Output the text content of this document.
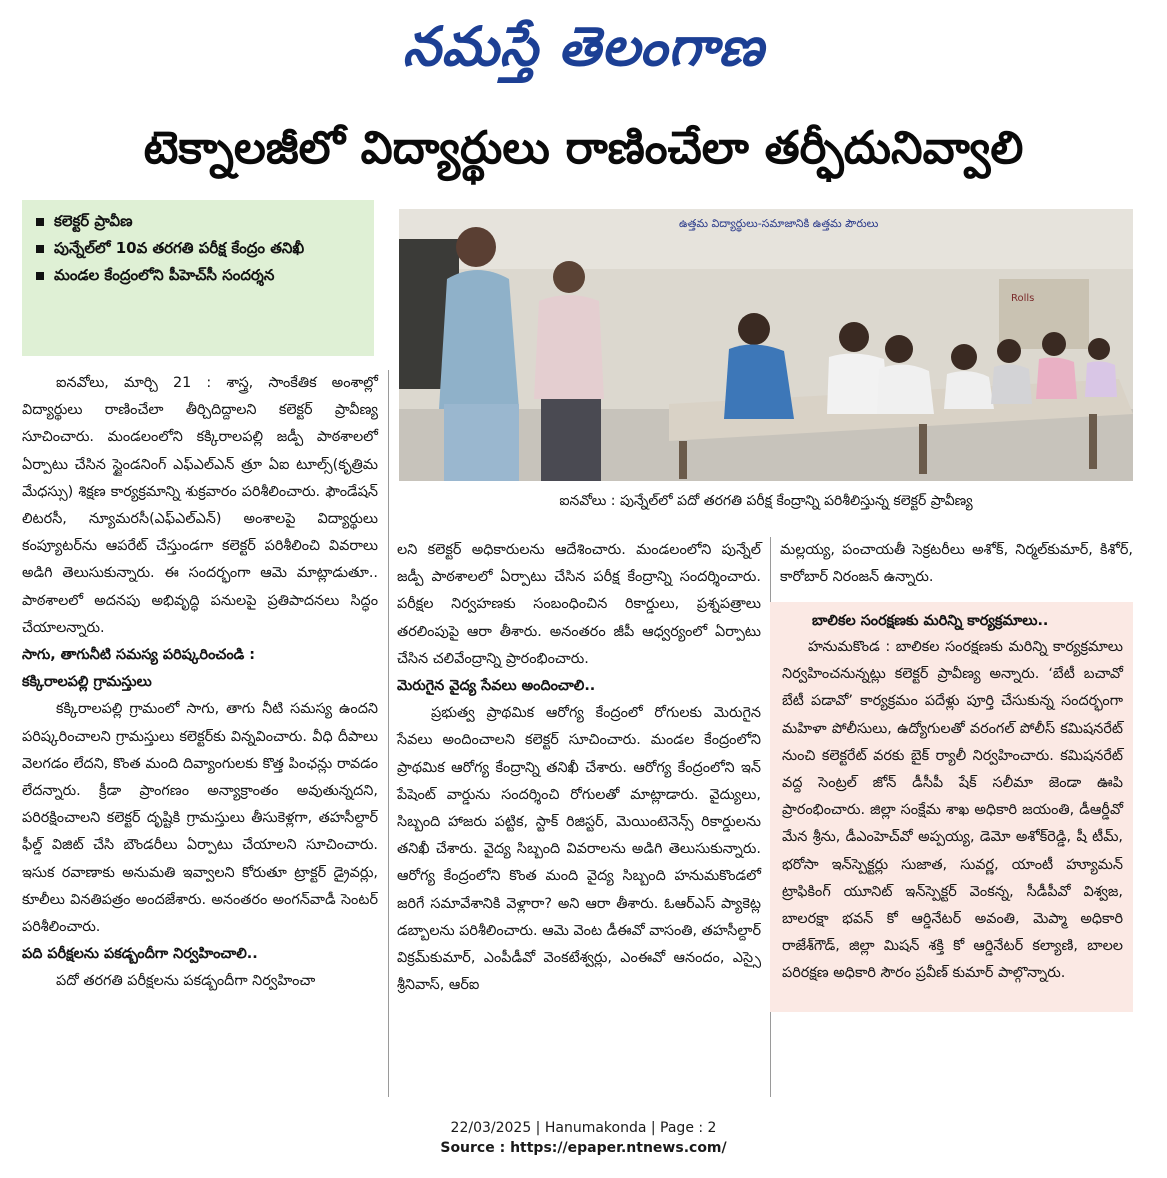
నమస్తే తెలంగాణ
టెక్నాలజీలో విద్యార్థులు రాణించేలా తర్ఫీదునివ్వాలి
కలెక్టర్ ప్రావీణ
పున్నేల్‌లో 10వ తరగతి పరీక్ష కేంద్రం తనిఖీ
మండల కేంద్రంలోని పీహెచ్‌సీ సందర్శన
Rolls
ఉత్తమ విద్యార్థులు-సమాజానికి ఉత్తమ పౌరులు
ఐనవోలు : పున్నేల్‌లో పదో తరగతి పరీక్ష కేంద్రాన్ని పరిశీలిస్తున్న కలెక్టర్ ప్రావీణ్య

ఐనవోలు, మార్చి 21 : శాస్త్ర, సాంకేతిక అంశాల్లో విద్యార్థులు రాణించేలా తీర్చిదిద్దాలని కలెక్టర్ ప్రావీణ్య సూచించారు. మండలంలోని కక్కిరాలపల్లి జడ్పీ పాఠశాలలో ఏర్పాటు చేసిన స్టైండనింగ్ ఎఫ్‌ఎల్‌ఎన్ త్రూ ఏఐ టూల్స్(కృత్రిమ మేధస్సు) శిక్షణ కార్యక్రమాన్ని శుక్రవారం పరిశీలించారు. ఫౌండేషన్ లిటరసీ, న్యూమరసీ(ఎఫ్‌ఎల్‌ఎన్) అంశాలపై విద్యార్థులు కంప్యూటర్‌ను ఆపరేట్ చేస్తుండగా కలెక్టర్ పరిశీలించి వివరాలు అడిగి తెలుసుకున్నారు. ఈ సందర్భంగా ఆమె మాట్లాడుతూ.. పాఠశాలలో అదనపు అభివృద్ధి పనులపై ప్రతిపాదనలు సిద్ధం చేయాలన్నారు.

సాగు, తాగునీటి సమస్య పరిష్కరించండి :

కక్కిరాలపల్లి గ్రామస్తులు

కక్కిరాలపల్లి గ్రామంలో సాగు, తాగు నీటి సమస్య ఉందని పరిష్కరించాలని గ్రామస్తులు కలెక్టర్‌కు విన్నవించారు. వీధి దీపాలు వెలగడం లేదని, కొంత మంది దివ్యాంగులకు కొత్త పింఛన్లు రావడం లేదన్నారు. క్రీడా ప్రాంగణం అన్యాక్రాంతం అవుతున్నదని, పరిరక్షించాలని కలెక్టర్ దృష్టికి గ్రామస్తులు తీసుకెళ్లగా, తహసీల్దార్ ఫీల్డ్ విజిట్ చేసి బౌండరీలు ఏర్పాటు చేయాలని సూచించారు. ఇసుక రవాణాకు అనుమతి ఇవ్వాలని కోరుతూ ట్రాక్టర్ డ్రైవర్లు, కూలీలు వినతిపత్రం అందజేశారు. అనంతరం అంగన్‌వాడీ సెంటర్ పరిశీలించారు.

పది పరీక్షలను పకడ్బందీగా నిర్వహించాలి..

పదో తరగతి పరీక్షలను పకడ్బందీగా నిర్వహించా

లని కలెక్టర్ అధికారులను ఆదేశించారు. మండలంలోని పున్నేల్ జడ్పీ పాఠశాలలో ఏర్పాటు చేసిన పరీక్ష కేంద్రాన్ని సందర్శించారు. పరీక్షల నిర్వహణకు సంబంధించిన రికార్డులు, ప్రశ్నపత్రాలు తరలింపుపై ఆరా తీశారు. అనంతరం జీపీ ఆధ్వర్యంలో ఏర్పాటు చేసిన చలివేంద్రాన్ని ప్రారంభించారు.

మెరుగైన వైద్య సేవలు అందించాలి..

ప్రభుత్వ ప్రాథమిక ఆరోగ్య కేంద్రంలో రోగులకు మెరుగైన సేవలు అందించాలని కలెక్టర్ సూచించారు. మండల కేంద్రంలోని ప్రాథమిక ఆరోగ్య కేంద్రాన్ని తనిఖీ చేశారు. ఆరోగ్య కేంద్రంలోని ఇన్ పేషెంట్ వార్డును సందర్శించి రోగులతో మాట్లాడారు. వైద్యులు, సిబ్బంది హాజరు పట్టిక, స్టాక్ రిజిస్టర్, మెయింటెనెన్స్ రికార్డులను తనిఖీ చేశారు. వైద్య సిబ్బంది వివరాలను అడిగి తెలుసుకున్నారు. ఆరోగ్య కేంద్రంలోని కొంత మంది వైద్య సిబ్బంది హనుమకొండలో జరిగే సమావేశానికి వెళ్లారా? అని ఆరా తీశారు. ఓఆర్‌ఎస్ ప్యాకెట్ల డబ్బాలను పరిశీలించారు. ఆమె వెంట డీఈవో వాసంతి, తహసీల్దార్ విక్రమ్‌కుమార్, ఎంపీడీవో వెంకటేశ్వర్లు, ఎంఈవో ఆనందం, ఎస్సై శ్రీనివాస్, ఆర్‌ఐ

మల్లయ్య, పంచాయతీ సెక్రటరీలు అశోక్, నిర్మల్‌కుమార్, కిశోర్, కారోబార్ నిరంజన్ ఉన్నారు.

బాలికల సంరక్షణకు మరిన్ని కార్యక్రమాలు..
హనుమకొండ : బాలికల సంరక్షణకు మరిన్ని కార్యక్రమాలు నిర్వహించనున్నట్లు కలెక్టర్ ప్రావీణ్య అన్నారు. ‘బేటీ బచావో బేటీ పడావో’ కార్యక్రమం పదేళ్లు పూర్తి చేసుకున్న సందర్భంగా మహిళా పోలీసులు, ఉద్యోగులతో వరంగల్ పోలీస్ కమిషనరేట్ నుంచి కలెక్టరేట్ వరకు బైక్ ర్యాలీ నిర్వహించారు. కమిషనరేట్ వద్ద సెంట్రల్ జోన్ డీసీపీ షేక్ సలీమా జెండా ఊపి ప్రారంభించారు. జిల్లా సంక్షేమ శాఖ అధికారి జయంతి, డీఆర్డీవో మేన శ్రీను, డీఎంహెచ్‌వో అప్పయ్య, డెమో అశోక్‌రెడ్డి, షీ టీమ్, భరోసా ఇన్‌స్పెక్టర్లు సుజాత, సువర్ణ, యాంటీ హ్యూమన్ ట్రాఫికింగ్ యూనిట్ ఇన్‌స్పెక్టర్ వెంకన్న, సీడీపీవో విశ్వజ, బాలరక్షా భవన్ కో ఆర్డినేటర్ అవంతి, మెప్మా అధికారి రాజేశ్‌గౌడ్, జిల్లా మిషన్ శక్తి కో ఆర్డినేటర్ కల్యాణి, బాలల పరిరక్షణ అధికారి సౌరం ప్రవీణ్ కుమార్ పాల్గొన్నారు.
22/03/2025 | Hanumakonda | Page : 2
Source : https://epaper.ntnews.com/
